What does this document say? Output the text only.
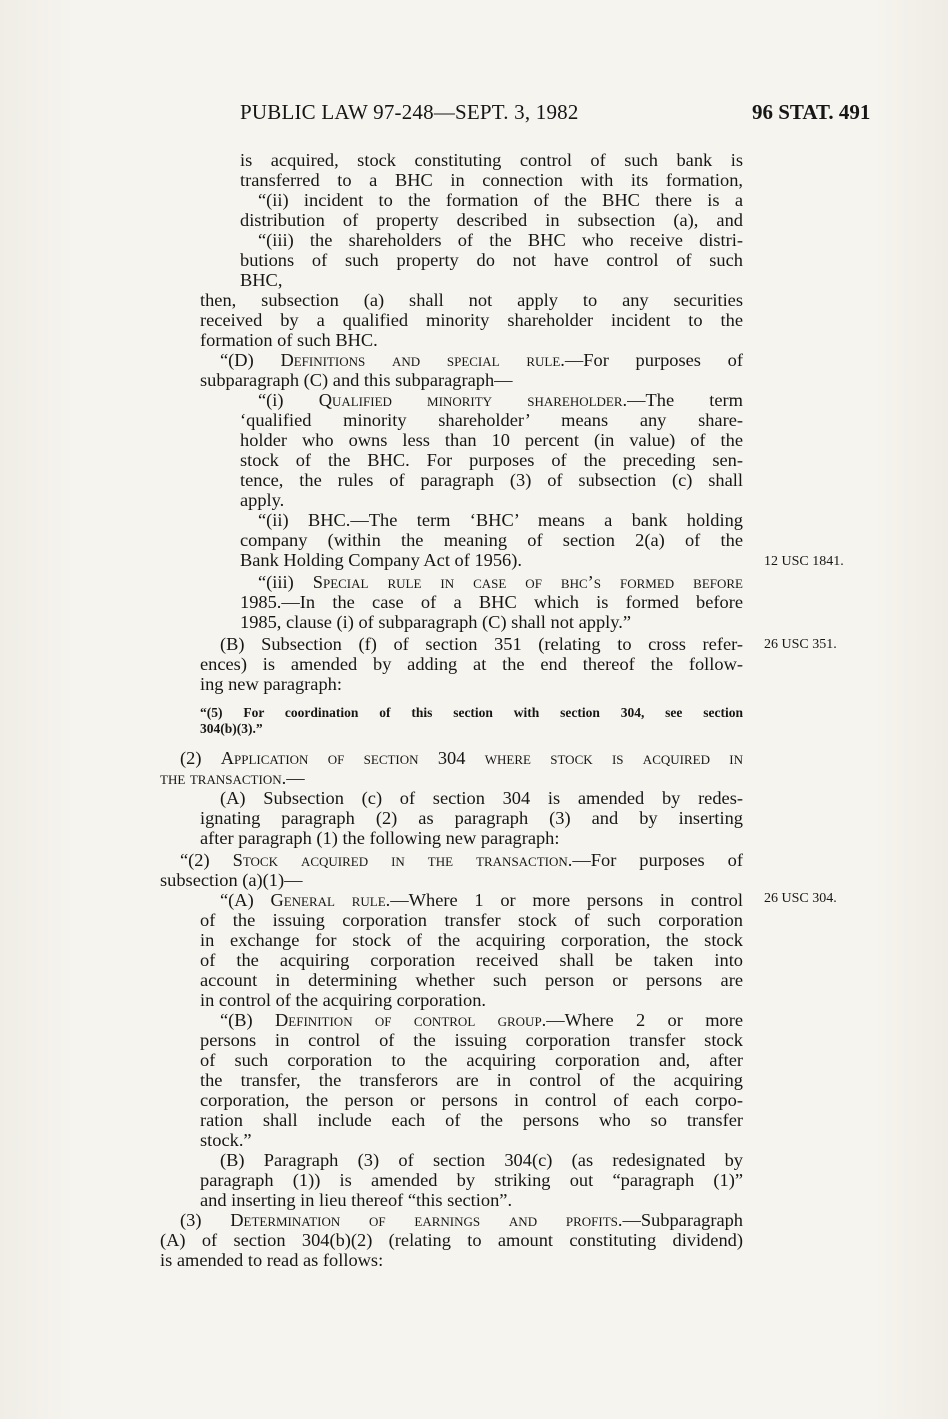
PUBLIC LAW 97-248—SEPT. 3, 1982	96 STAT. 491
is acquired, stock constituting control of such bank is
transferred to a BHC in connection with its formation,
“(ii) incident to the formation of the BHC there is a
distribution of property described in subsection (a), and
“(iii) the shareholders of the BHC who receive distri-
butions of such property do not have control of such
BHC,
then, subsection (a) shall not apply to any securities
received by a qualified minority shareholder incident to the
formation of such BHC.
“(D) Definitions and special rule.—For purposes of
subparagraph (C) and this subparagraph—
“(i) Qualified minority shareholder.—The term
‘qualified minority shareholder’ means any share-
holder who owns less than 10 percent (in value) of the
stock of the BHC. For purposes of the preceding sen-
tence, the rules of paragraph (3) of subsection (c) shall
apply.
“(ii) BHC.—The term ‘BHC’ means a bank holding
company (within the meaning of section 2(a) of the
Bank Holding Company Act of 1956).
“(iii) Special rule in case of bhc’s formed before
1985.—In the case of a BHC which is formed before
1985, clause (i) of subparagraph (C) shall not apply.”
(B) Subsection (f) of section 351 (relating to cross refer-
ences) is amended by adding at the end thereof the follow-
ing new paragraph:
“(5) For coordination of this section with section 304, see section
304(b)(3).”
(2) Application of section 304 where stock is acquired in
the transaction.—
(A) Subsection (c) of section 304 is amended by redes-
ignating paragraph (2) as paragraph (3) and by inserting
after paragraph (1) the following new paragraph:
“(2) Stock acquired in the transaction.—For purposes of
subsection (a)(1)—
“(A) General rule.—Where 1 or more persons in control
of the issuing corporation transfer stock of such corporation
in exchange for stock of the acquiring corporation, the stock
of the acquiring corporation received shall be taken into
account in determining whether such person or persons are
in control of the acquiring corporation.
“(B) Definition of control group.—Where 2 or more
persons in control of the issuing corporation transfer stock
of such corporation to the acquiring corporation and, after
the transfer, the transferors are in control of the acquiring
corporation, the person or persons in control of each corpo-
ration shall include each of the persons who so transfer
stock.”
(B) Paragraph (3) of section 304(c) (as redesignated by
paragraph (1)) is amended by striking out “paragraph (1)”
and inserting in lieu thereof “this section”.
(3) Determination of earnings and profits.—Subparagraph
(A) of section 304(b)(2) (relating to amount constituting dividend)
is amended to read as follows:
12 USC 1841.
26 USC 351.
26 USC 304.
